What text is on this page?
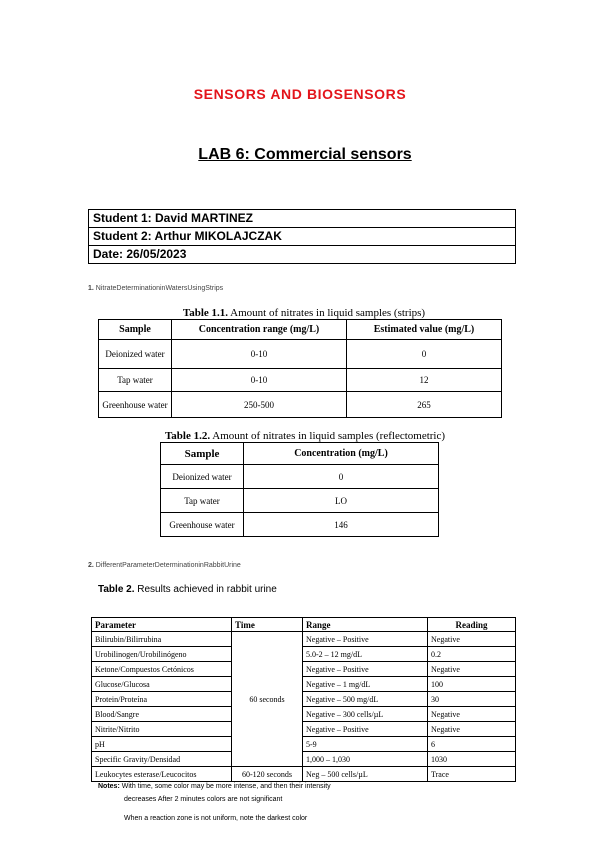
SENSORS AND BIOSENSORS
LAB 6: Commercial sensors
Student 1: David MARTINEZ
Student 2: Arthur MIKOLAJCZAK
Date: 26/05/2023
1. NitrateDeterminationinWatersUsingStrips
Table 1.1. Amount of nitrates in liquid samples (strips)
Sample	Concentration range (mg/L)	Estimated value (mg/L)
Deionized water	0-10	0
Tap water	0-10	12
Greenhouse water	250-500	265
Table 1.2. Amount of nitrates in liquid samples (reflectometric)
Sample	Concentration (mg/L)
Deionized water	0
Tap water	LO
Greenhouse water	146
2. DifferentParameterDeterminationinRabbitUrine
Table 2. Results achieved in rabbit urine
Parameter	Time	Range	Reading
Bilirubin/Bilirrubina	60 seconds	Negative – Positive	Negative
Urobilinogen/Urobilinógeno		5.0-2 – 12 mg/dL	0.2
Ketone/Compuestos Cetónicos		Negative – Positive	Negative
Glucose/Glucosa		Negative – 1 mg/dL	100
Protein/Proteína		Negative – 500 mg/dL	30
Blood/Sangre		Negative – 300 cells/µL	Negative
Nitrite/Nitrito		Negative – Positive	Negative
pH		5-9	6
Specific Gravity/Densidad		1,000 – 1,030	1030
Leukocytes esterase/Leucocitos	60-120 seconds	Neg – 500 cells/µL	Trace
Notes: With time, some color may be more intense, and then their intensity
decreases After 2 minutes colors are not significant
When a reaction zone is not uniform, note the darkest color
